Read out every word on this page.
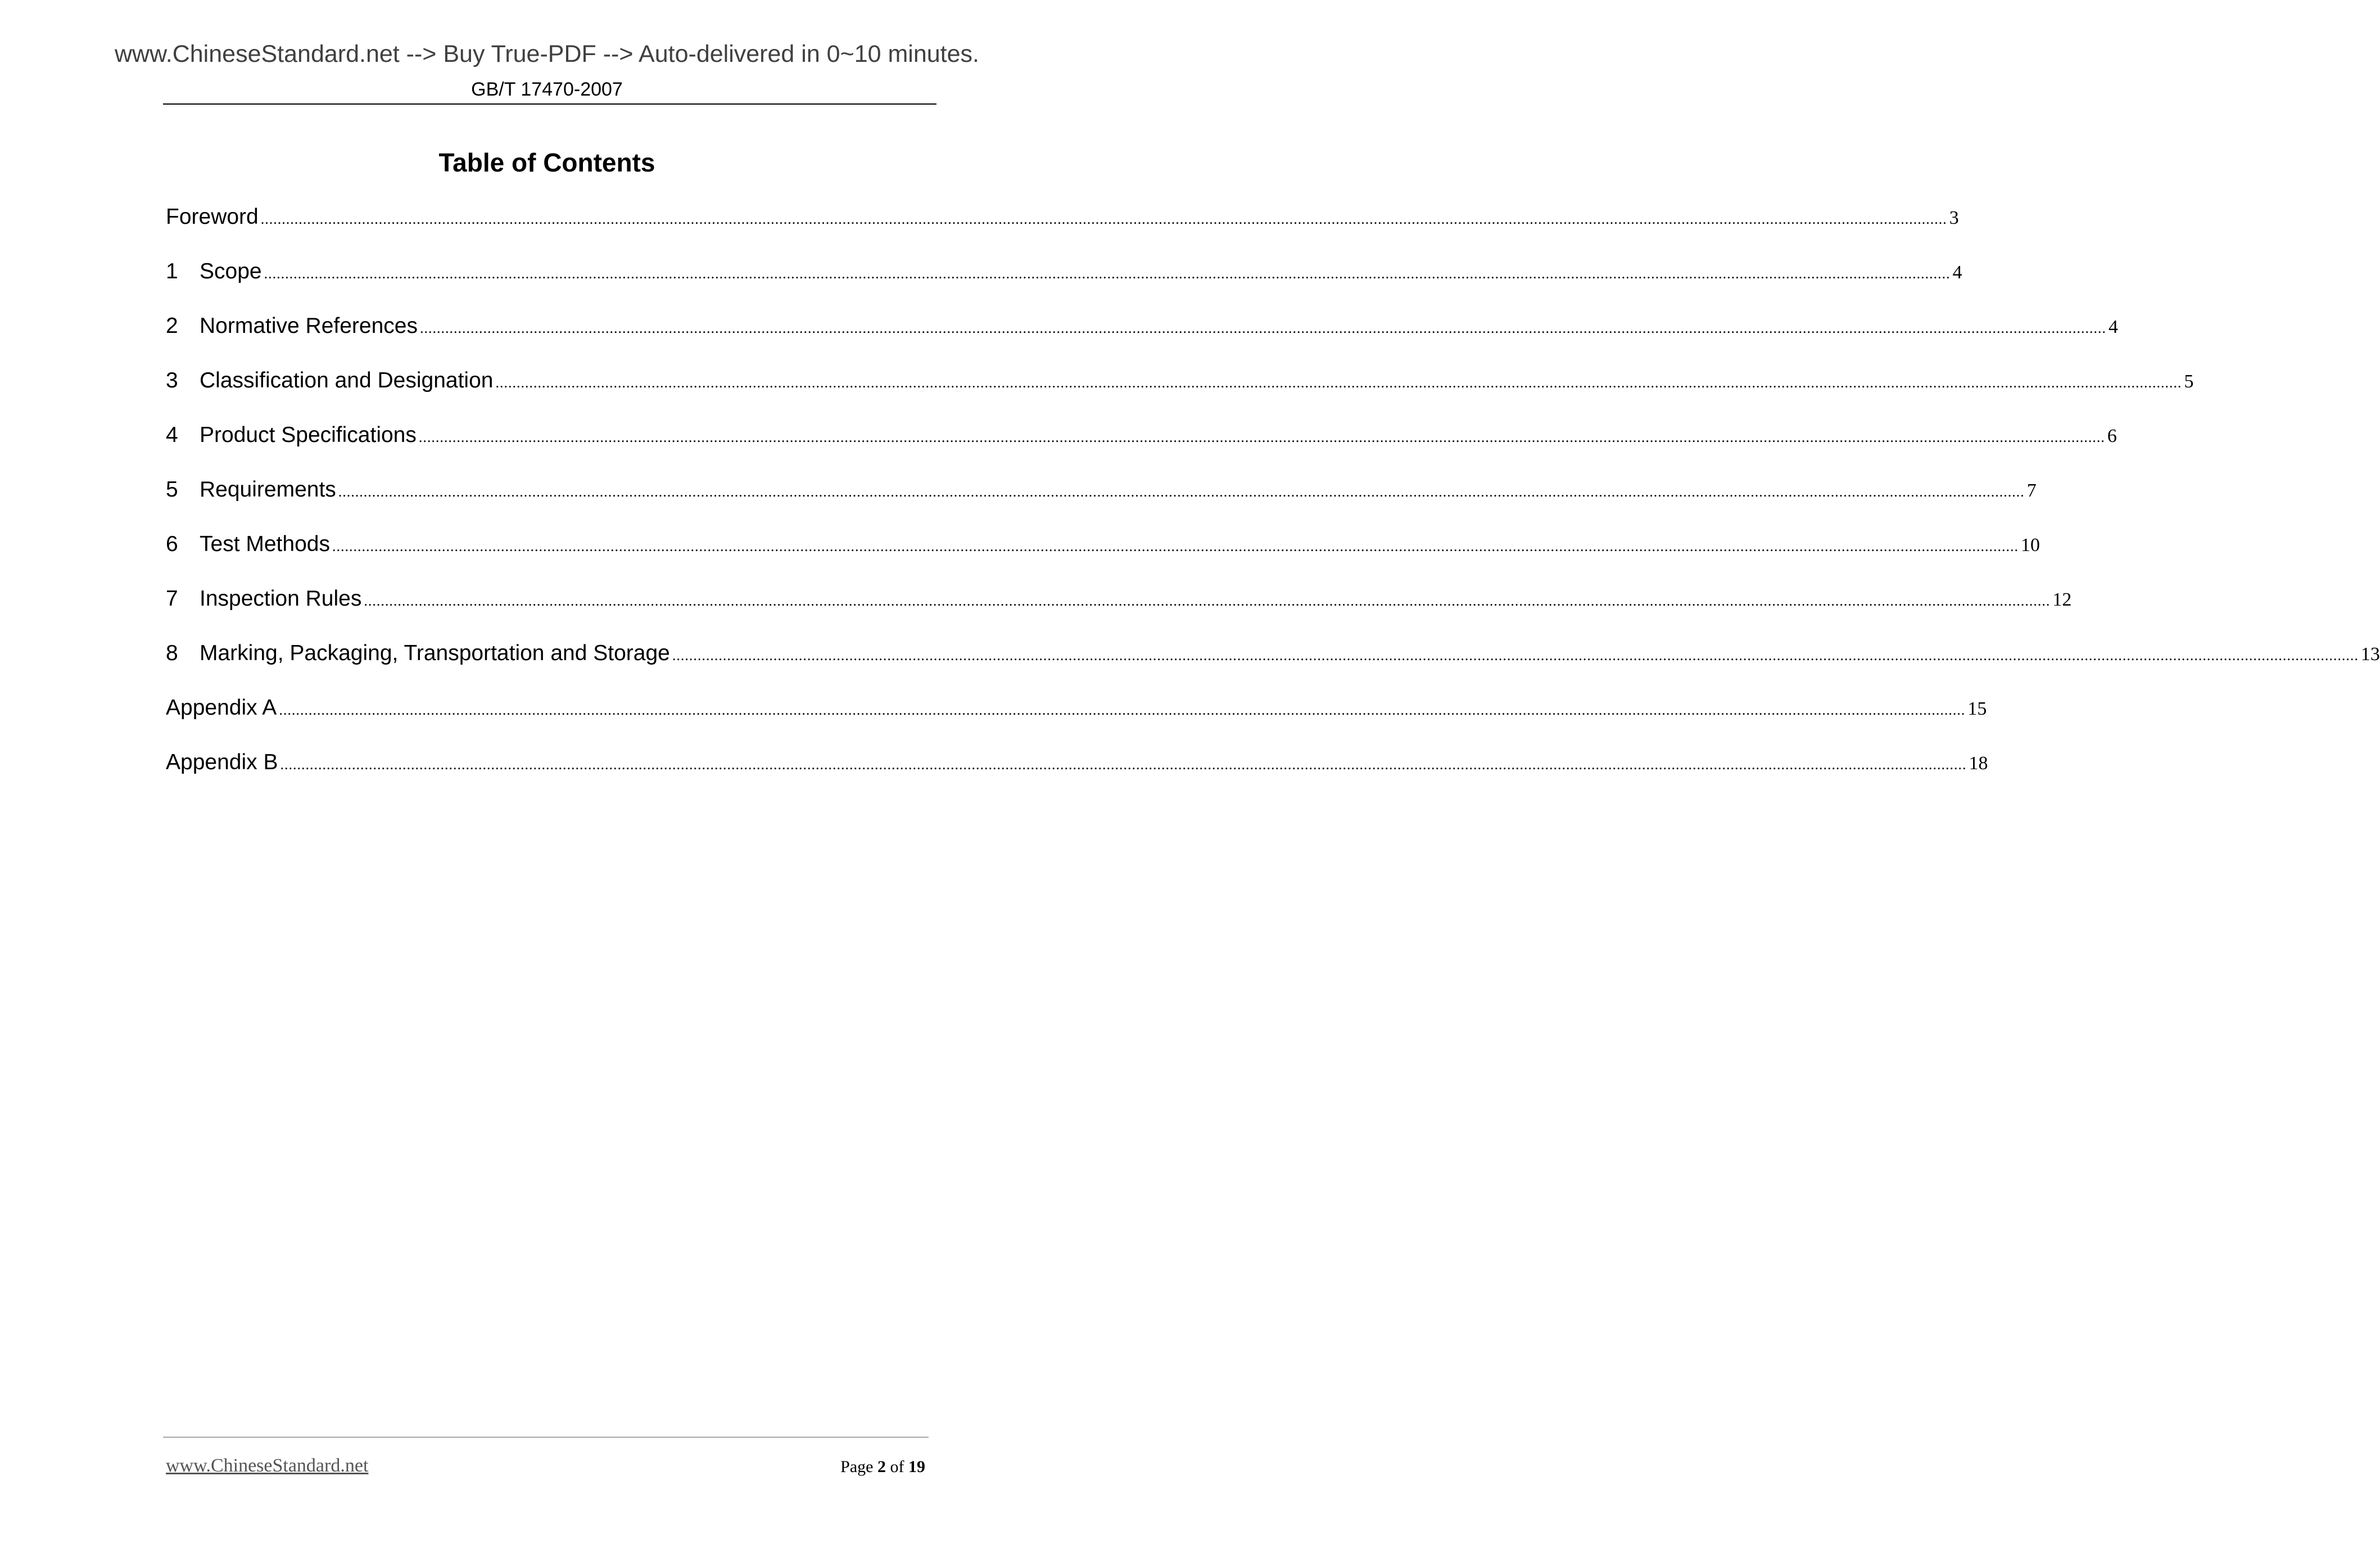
www.ChineseStandard.net --> Buy True-PDF --> Auto-delivered in 0~10 minutes.
GB/T 17470-2007
Table of Contents
Foreword ................................................................................................................................................................................................................................................................................................................................................................................................................ 3
1 Scope ................................................................................................................................................................................................................................................................................................................................................................................................................ 4
2 Normative References ................................................................................................................................................................................................................................................................................................................................................................................................................ 4
3 Classification and Designation ................................................................................................................................................................................................................................................................................................................................................................................................................ 5
4 Product Specifications ................................................................................................................................................................................................................................................................................................................................................................................................................ 6
5 Requirements ................................................................................................................................................................................................................................................................................................................................................................................................................ 7
6 Test Methods ................................................................................................................................................................................................................................................................................................................................................................................................................ 10
7 Inspection Rules ................................................................................................................................................................................................................................................................................................................................................................................................................ 12
8 Marking, Packaging, Transportation and Storage ................................................................................................................................................................................................................................................................................................................................................................................................................ 13
Appendix A ................................................................................................................................................................................................................................................................................................................................................................................................................ 15
Appendix B ................................................................................................................................................................................................................................................................................................................................................................................................................ 18
www.ChineseStandard.net	Page 2 of 19
